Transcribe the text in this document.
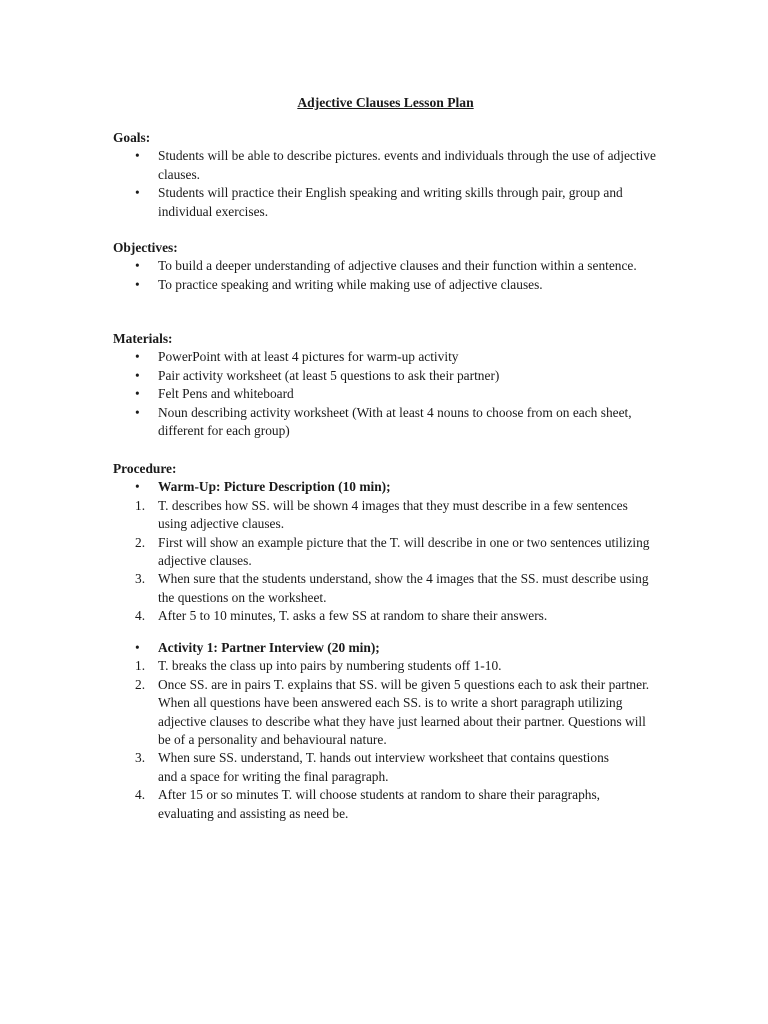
Adjective Clauses Lesson Plan
Goals:
• Students will be able to describe pictures. events and individuals through the use of adjective clauses.
• Students will practice their English speaking and writing skills through pair, group and individual exercises.
Objectives:
• To build a deeper understanding of adjective clauses and their function within a sentence.
• To practice speaking and writing while making use of adjective clauses.
Materials:
• PowerPoint with at least 4 pictures for warm-up activity
• Pair activity worksheet (at least 5 questions to ask their partner)
• Felt Pens and whiteboard
• Noun describing activity worksheet (With at least 4 nouns to choose from on each sheet, different for each group)
Procedure:
• Warm-Up: Picture Description (10 min);
1. T. describes how SS. will be shown 4 images that they must describe in a few sentences using adjective clauses.
2. First will show an example picture that the T. will describe in one or two sentences utilizing adjective clauses.
3. When sure that the students understand, show the 4 images that the SS. must describe using the questions on the worksheet.
4. After 5 to 10 minutes, T. asks a few SS at random to share their answers.
• Activity 1: Partner Interview (20 min);
1. T. breaks the class up into pairs by numbering students off 1-10.
2. Once SS. are in pairs T. explains that SS. will be given 5 questions each to ask their partner. When all questions have been answered each SS. is to write a short paragraph utilizing adjective clauses to describe what they have just learned about their partner. Questions will be of a personality and behavioural nature.
3. When sure SS. understand, T. hands out interview worksheet that contains questions and a space for writing the final paragraph.
4. After 15 or so minutes T. will choose students at random to share their paragraphs, evaluating and assisting as need be.
